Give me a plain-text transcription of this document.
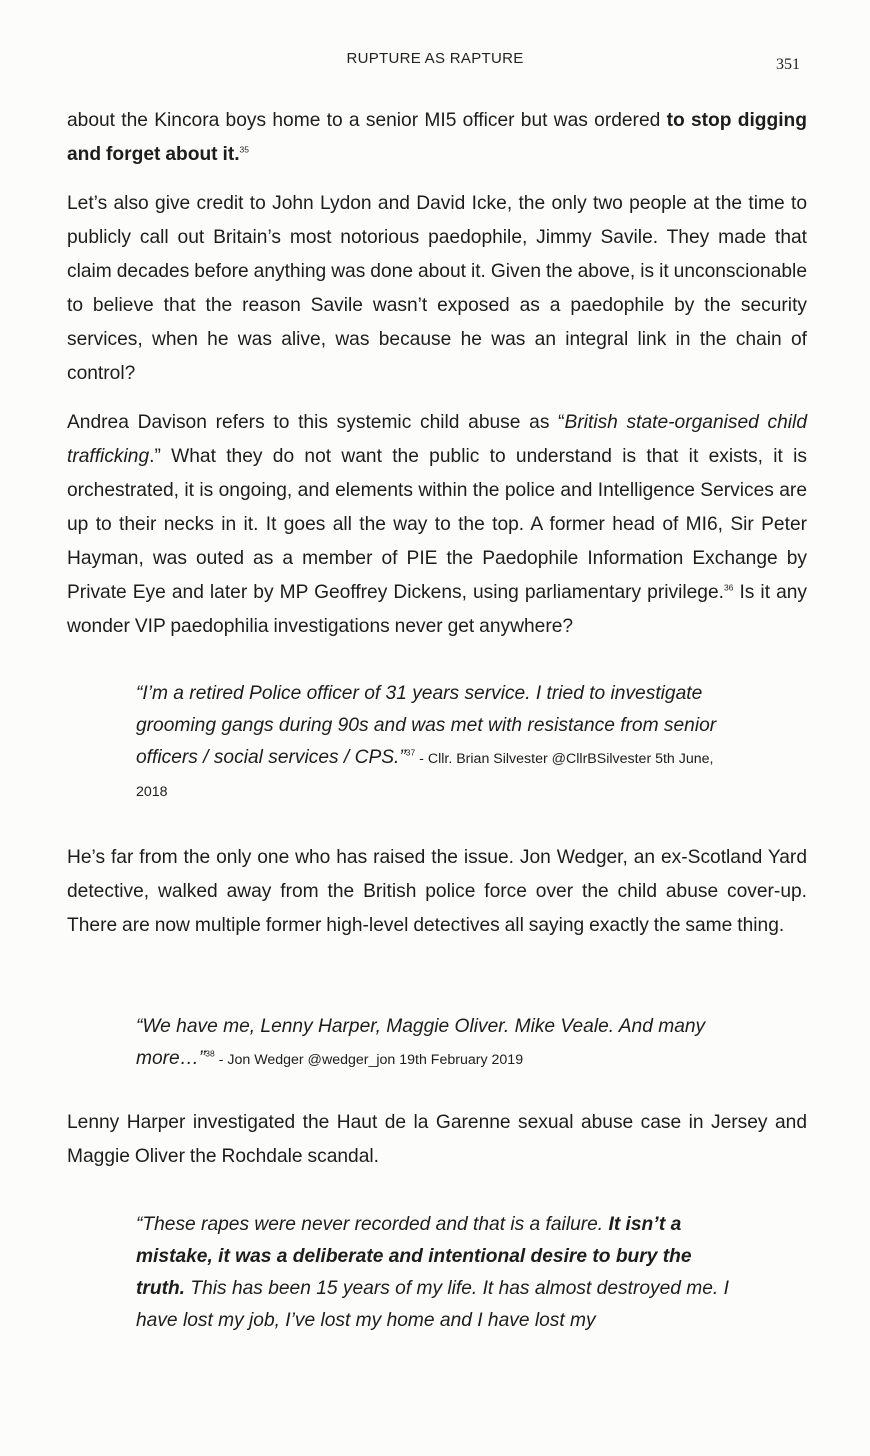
RUPTURE AS RAPTURE	351
about the Kincora boys home to a senior MI5 officer but was ordered to stop digging and forget about it.$^{35}$
Let’s also give credit to John Lydon and David Icke, the only two people at the time to publicly call out Britain’s most notorious paedophile, Jimmy Savile. They made that claim decades before anything was done about it. Given the above, is it unconscionable to believe that the reason Savile wasn’t exposed as a paedophile by the security services, when he was alive, was because he was an integral link in the chain of control?
Andrea Davison refers to this systemic child abuse as “British state-organised child trafficking.” What they do not want the public to understand is that it exists, it is orchestrated, it is ongoing, and elements within the police and Intelligence Services are up to their necks in it. It goes all the way to the top. A former head of MI6, Sir Peter Hayman, was outed as a member of PIE the Paedophile Information Exchange by Private Eye and later by MP Geoffrey Dickens, using parliamentary privilege.$^{36}$ Is it any wonder VIP paedophilia investigations never get anywhere?
“I’m a retired Police officer of 31 years service. I tried to investigate grooming gangs during 90s and was met with resistance from senior officers / social services / CPS.”$^{37}$ - Cllr. Brian Silvester @CllrBSilvester 5th June, 2018
He’s far from the only one who has raised the issue. Jon Wedger, an ex-Scotland Yard detective, walked away from the British police force over the child abuse cover-up. There are now multiple former high-level detectives all saying exactly the same thing.
“We have me, Lenny Harper, Maggie Oliver. Mike Veale. And many more…”$^{38}$ - Jon Wedger @wedger_jon 19th February 2019
Lenny Harper investigated the Haut de la Garenne sexual abuse case in Jersey and Maggie Oliver the Rochdale scandal.
“These rapes were never recorded and that is a failure. It isn’t a mistake, it was a deliberate and intentional desire to bury the truth. This has been 15 years of my life. It has almost destroyed me. I have lost my job, I’ve lost my home and I have lost my
